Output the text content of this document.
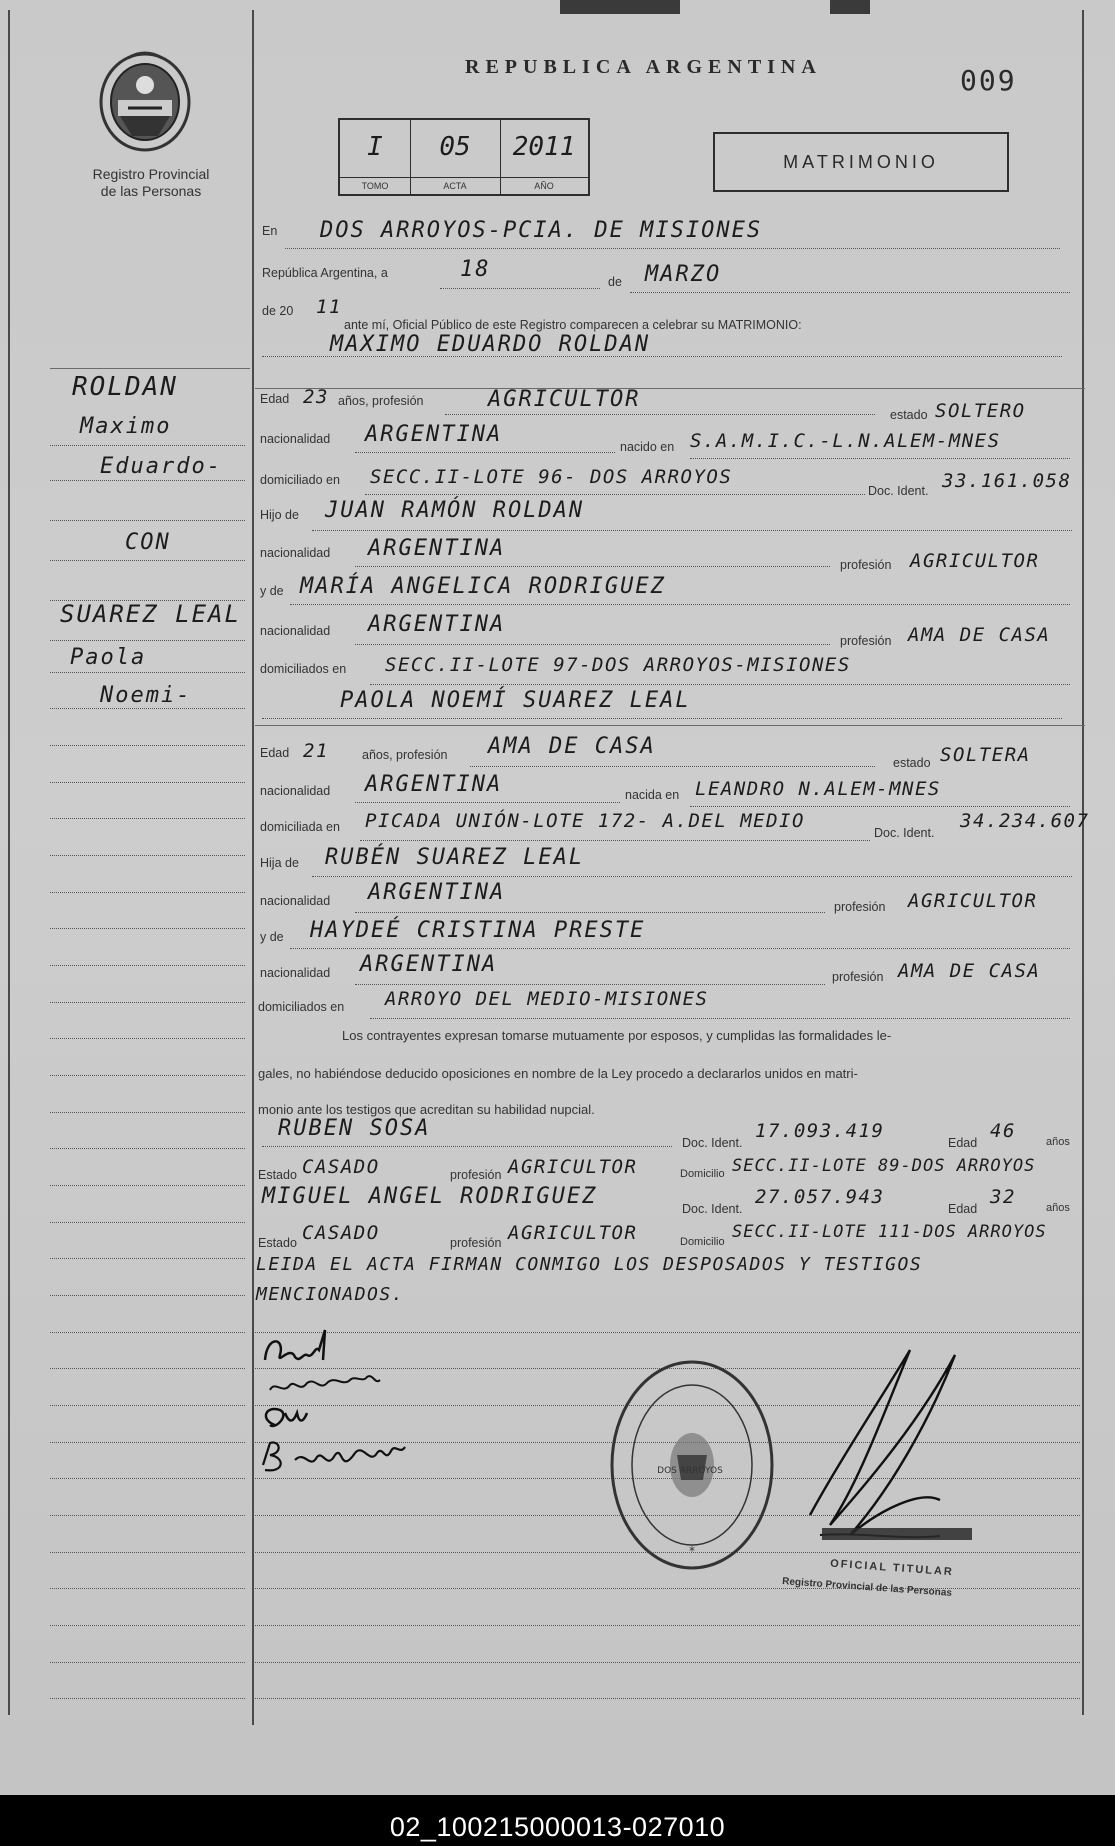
Registro Provincial
de las Personas
REPUBLICA ARGENTINA	009
I
TOMO
05
ACTA
2011
AÑO
MATRIMONIO
ROLDAN
Maximo
Eduardo-
CON
SUAREZ LEAL
Paola
Noemi-
En DOS ARROYOS-PCIA. DE MISIONES
República Argentina, a	18	de MARZO
de 20 11
ante mí, Oficial Público de este Registro comparecen a celebrar su MATRIMONIO:
MAXIMO EDUARDO ROLDAN
Edad 23 años, profesión	AGRICULTOR
estado SOLTERO
nacionalidad ARGENTINA	nacido en S.A.M.I.C.-L.N.ALEM-MNES
domiciliado en SECC.II-LOTE 96- DOS ARROYOS
Doc. Ident. 33.161.058
Hijo de JUAN RAMÓN ROLDAN
nacionalidad ARGENTINA
profesión AGRICULTOR
y de MARÍA ANGELICA RODRIGUEZ
nacionalidad ARGENTINA
profesión AMA DE CASA
domiciliados en SECC.II-LOTE 97-DOS ARROYOS-MISIONES
PAOLA NOEMÍ SUAREZ LEAL
Edad 21	años, profesión AMA DE CASA
estado SOLTERA
nacionalidad ARGENTINA	nacida en LEANDRO N.ALEM-MNES
domiciliada en PICADA UNIÓN-LOTE 172- A.DEL MEDIO
Doc. Ident.
34.234.607
Hija de RUBÉN SUAREZ LEAL
nacionalidad ARGENTINA
profesión AGRICULTOR
y de HAYDEÉ CRISTINA PRESTE
nacionalidad ARGENTINA	profesión AMA DE CASA
domiciliados en ARROYO DEL MEDIO-MISIONES
Los contrayentes expresan tomarse mutuamente por esposos, y cumplidas las formalidades le-
gales, no habiéndose deducido oposiciones en nombre de la Ley procedo a declararlos unidos en matri-
monio ante los testigos que acreditan su habilidad nupcial.
RUBEN SOSA
Doc. Ident.
17.093.419
Edad
46	años
Estado CASADO	profesión AGRICULTOR	Domicilio SECC.II-LOTE 89-DOS ARROYOS
MIGUEL ANGEL RODRIGUEZ	Doc. Ident.
27.057.943
Edad
32	años
Estado CASADO	profesión AGRICULTOR	Domicilio SECC.II-LOTE 111-DOS ARROYOS
LEIDA EL ACTA FIRMAN CONMIGO LOS DESPOSADOS Y TESTIGOS
MENCIONADOS.
*
DOS ARROYOS
OFICIAL TITULAR
Registro Provincial de las Personas
02_100215000013-027010
